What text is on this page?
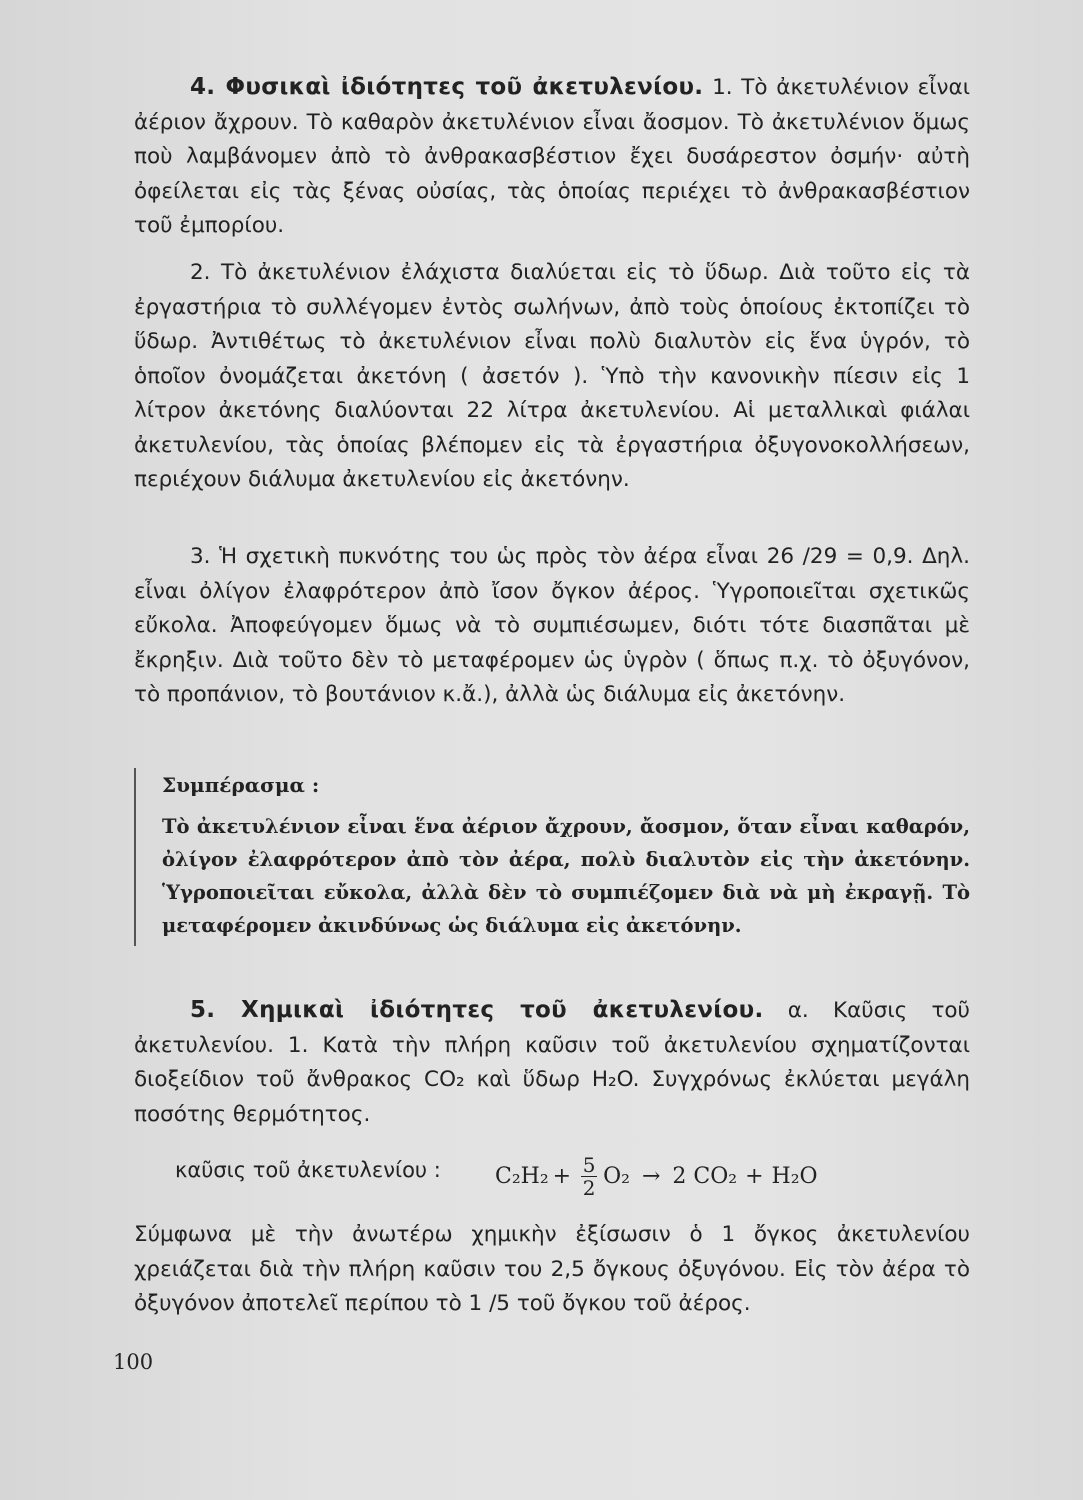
4. Φυσικαὶ ἰδιότητες τοῦ ἀκετυλενίου. 1. Τὸ ἀκετυλένιον εἶναι ἀέριον ἄχρουν. Τὸ καθαρὸν ἀκετυλένιον εἶναι ἄοσμον. Τὸ ἀκετυλένιον ὅμως ποὺ λαμβάνομεν ἀπὸ τὸ ἀνθρακασβέστιον ἔχει δυσάρεστον ὀσμήν· αὐτὴ ὀφείλεται εἰς τὰς ξένας οὐσίας, τὰς ὁποίας περιέχει τὸ ἀνθρακασβέστιον τοῦ ἐμπορίου.

2. Τὸ ἀκετυλένιον ἐλάχιστα διαλύεται εἰς τὸ ὕδωρ. Διὰ τοῦτο εἰς τὰ ἐργαστήρια τὸ συλλέγομεν ἐντὸς σωλήνων, ἀπὸ τοὺς ὁποίους ἐκτοπίζει τὸ ὕδωρ. Ἀντιθέτως τὸ ἀκετυλένιον εἶναι πολὺ διαλυτὸν εἰς ἕνα ὑγρόν, τὸ ὁποῖον ὀνομάζεται ἀκετόνη ( ἀσετόν ). Ὑπὸ τὴν κανονικὴν πίεσιν εἰς 1 λίτρον ἀκετόνης διαλύονται 22 λίτρα ἀκετυλενίου. Αἱ μεταλλικαὶ φιάλαι ἀκετυλενίου, τὰς ὁποίας βλέπομεν εἰς τὰ ἐργαστήρια ὀξυγονοκολλήσεων, περιέχουν διάλυμα ἀκετυλενίου εἰς ἀκετόνην.

3. Ἡ σχετικὴ πυκνότης του ὡς πρὸς τὸν ἀέρα εἶναι 26 /29 = 0,9. Δηλ. εἶναι ὀλίγον ἐλαφρότερον ἀπὸ ἴσον ὄγκον ἀέρος. Ὑγροποιεῖται σχετικῶς εὔκολα. Ἀποφεύγομεν ὅμως νὰ τὸ συμπιέσωμεν, διότι τότε διασπᾶται μὲ ἔκρηξιν. Διὰ τοῦτο δὲν τὸ μεταφέρομεν ὡς ὑγρὸν ( ὅπως π.χ. τὸ ὀξυγόνον, τὸ προπάνιον, τὸ βουτάνιον κ.ἄ.), ἀλλὰ ὡς διάλυμα εἰς ἀκετόνην.

Συμπέρασμα :

Τὸ ἀκετυλένιον εἶναι ἕνα ἀέριον ἄχρουν, ἄοσμον, ὅταν εἶναι καθαρόν, ὀλίγον ἐλαφρότερον ἀπὸ τὸν ἀέρα, πολὺ διαλυτὸν εἰς τὴν ἀκετόνην. Ὑγροποιεῖται εὔκολα, ἀλλὰ δὲν τὸ συμπιέζομεν διὰ νὰ μὴ ἐκραγῇ. Τὸ μεταφέρομεν ἀκινδύνως ὡς διάλυμα εἰς ἀκετόνην.

5. Χημικαὶ ἰδιότητες τοῦ ἀκετυλενίου. α. Καῦσις τοῦ ἀκετυλενίου. 1. Κατὰ τὴν πλήρη καῦσιν τοῦ ἀκετυλενίου σχηματίζονται διοξείδιον τοῦ ἄνθρακος CO₂ καὶ ὕδωρ H₂O. Συγχρόνως ἐκλύεται μεγάλη ποσότης θερμότητος.

καῦσις τοῦ ἀκετυλενίου : $C_2H_2 + \frac{5}{2} O_2 \to 2$ CO₂ + H₂O

Σύμφωνα μὲ τὴν ἀνωτέρω χημικὴν ἐξίσωσιν ὁ 1 ὄγκος ἀκετυλενίου χρειάζεται διὰ τὴν πλήρη καῦσιν του 2,5 ὄγκους ὀξυγόνου. Εἰς τὸν ἀέρα τὸ ὀξυγόνον ἀποτελεῖ περίπου τὸ 1 /5 τοῦ ὄγκου τοῦ ἀέρος.

100
